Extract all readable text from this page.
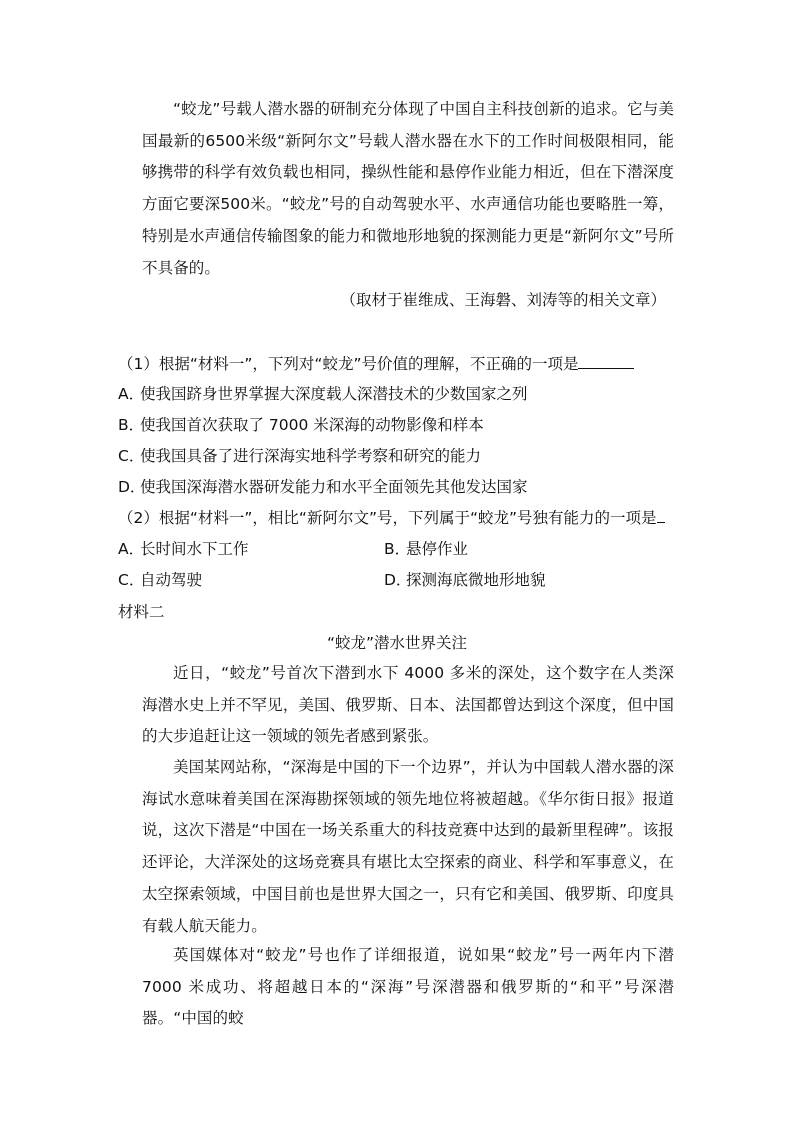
“蛟龙”号载人潜水器的研制充分体现了中国自主科技创新的追求。它与美国最新的6500米级“新阿尔文”号载人潜水器在水下的工作时间极限相同，能够携带的科学有效负载也相同，操纵性能和悬停作业能力相近，但在下潜深度方面它要深500米。“蛟龙”号的自动驾驶水平、水声通信功能也要略胜一筹，特别是水声通信传输图象的能力和微地形地貌的探测能力更是“新阿尔文”号所不具备的。

（取材于崔维成、王海磐、刘涛等的相关文章）

（1）根据“材料一”，下列对“蛟龙”号价值的理解，不正确的一项是

A．使我国跻身世界掌握大深度载人深潜技术的少数国家之列

B．使我国首次获取了 7000 米深海的动物影像和样本

C．使我国具备了进行深海实地科学考察和研究的能力

D．使我国深海潜水器研发能力和水平全面领先其他发达国家

（2）根据“材料一”，相比“新阿尔文”号，下列属于“蛟龙”号独有能力的一项是

A．长时间水下工作	B．悬停作业

C．自动驾驶	D．探测海底微地形地貌

材料二

“蛟龙”潜水世界关注

近日，“蛟龙”号首次下潜到水下 4000 多米的深处，这个数字在人类深海潜水史上并不罕见，美国、俄罗斯、日本、法国都曾达到这个深度，但中国的大步追赶让这一领域的领先者感到紧张。

美国某网站称，“深海是中国的下一个边界”，并认为中国载人潜水器的深海试水意味着美国在深海勘探领域的领先地位将被超越。《华尔街日报》报道说，这次下潜是“中国在一场关系重大的科技竞赛中达到的最新里程碑”。该报还评论，大洋深处的这场竞赛具有堪比太空探索的商业、科学和军事意义，在太空探索领域，中国目前也是世界大国之一，只有它和美国、俄罗斯、印度具有载人航天能力。

英国媒体对“蛟龙”号也作了详细报道，说如果“蛟龙”号一两年内下潜 7000 米成功、将超越日本的“深海”号深潜器和俄罗斯的“和平”号深潜器。“中国的蛟
